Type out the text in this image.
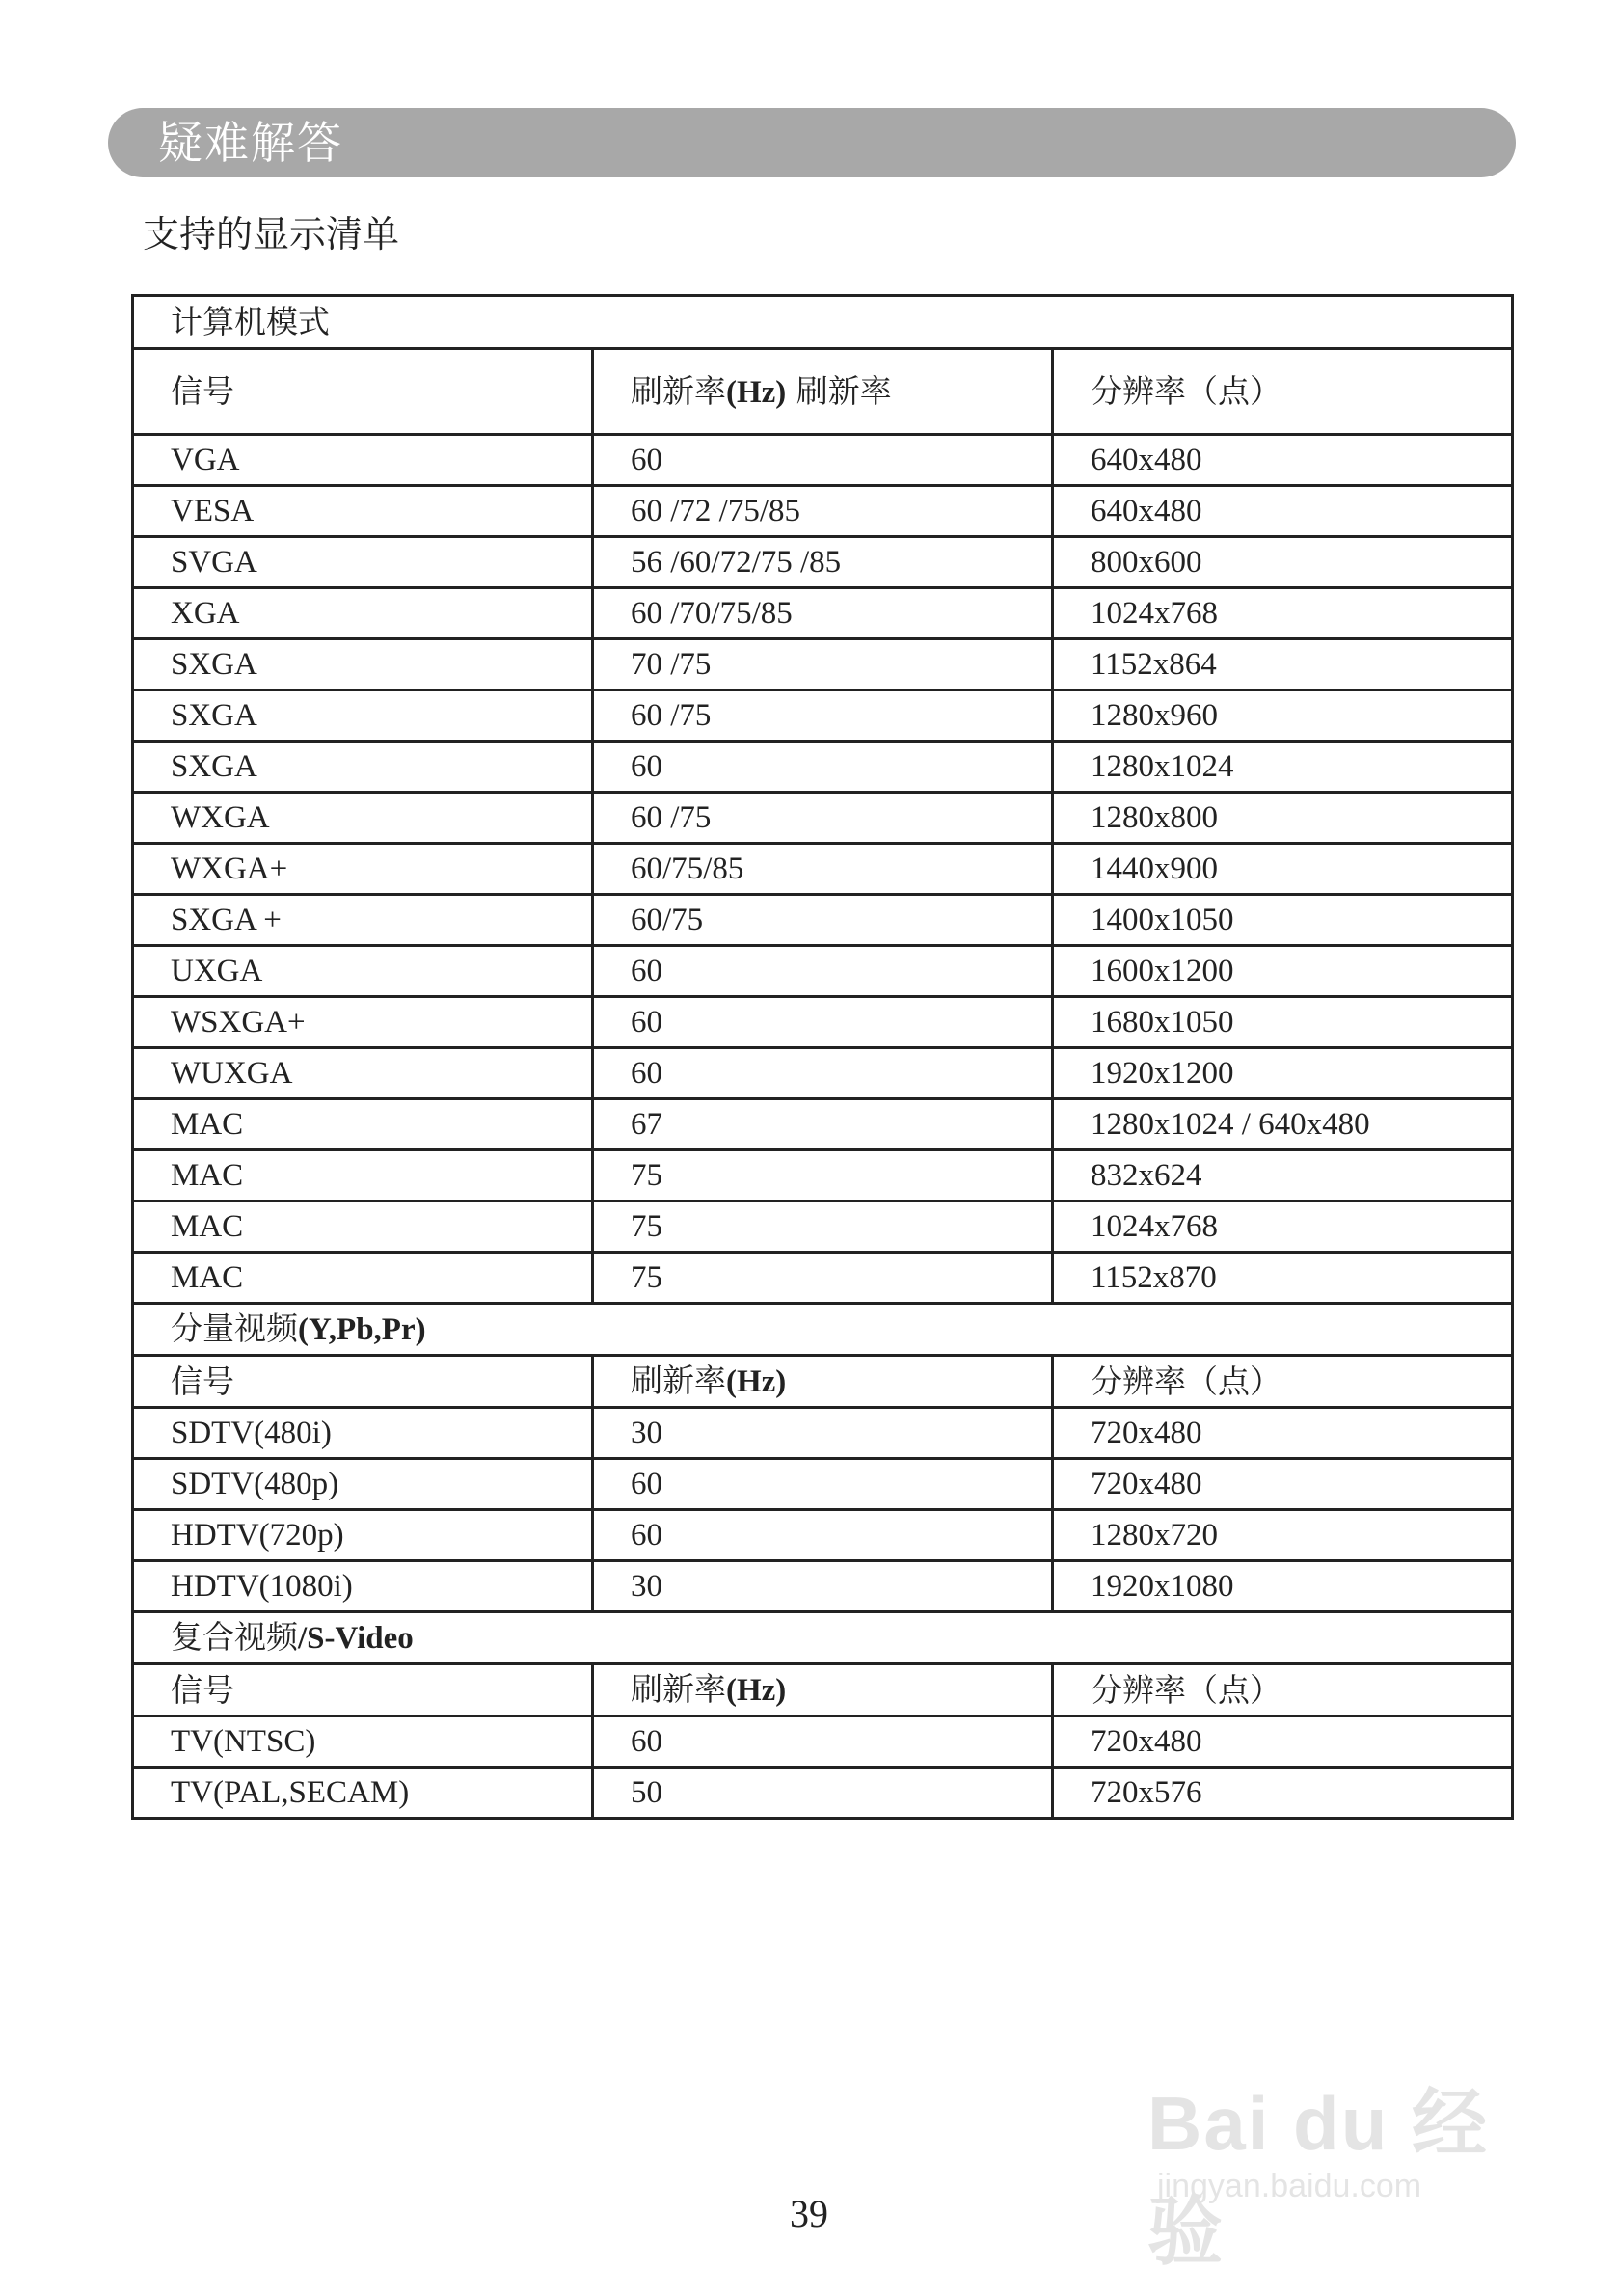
疑难解答
支持的显示清单
计算机模式		
信号	刷新率(Hz) 刷新率	分辨率（点）
VGA	60	640x480
VESA	60 /72 /75/85	640x480
SVGA	56 /60/72/75 /85	800x600
XGA	60 /70/75/85	1024x768
SXGA	70 /75	1152x864
SXGA	60 /75	1280x960
SXGA	60	1280x1024
WXGA	60 /75	1280x800
WXGA+	60/75/85	1440x900
SXGA +	60/75	1400x1050
UXGA	60	1600x1200
WSXGA+	60	1680x1050
WUXGA	60	1920x1200
MAC	67	1280x1024 / 640x480
MAC	75	832x624
MAC	75	1024x768
MAC	75	1152x870
分量视频(Y,Pb,Pr)		
信号	刷新率(Hz)	分辨率（点）
SDTV(480i)	30	720x480
SDTV(480p)	60	720x480
HDTV(720p)	60	1280x720
HDTV(1080i)	30	1920x1080
复合视频/S-Video		
信号	刷新率(Hz)	分辨率（点）
TV(NTSC)	60	720x480
TV(PAL,SECAM)	50	720x576
39
Bai du 经验
jingyan.baidu.com
